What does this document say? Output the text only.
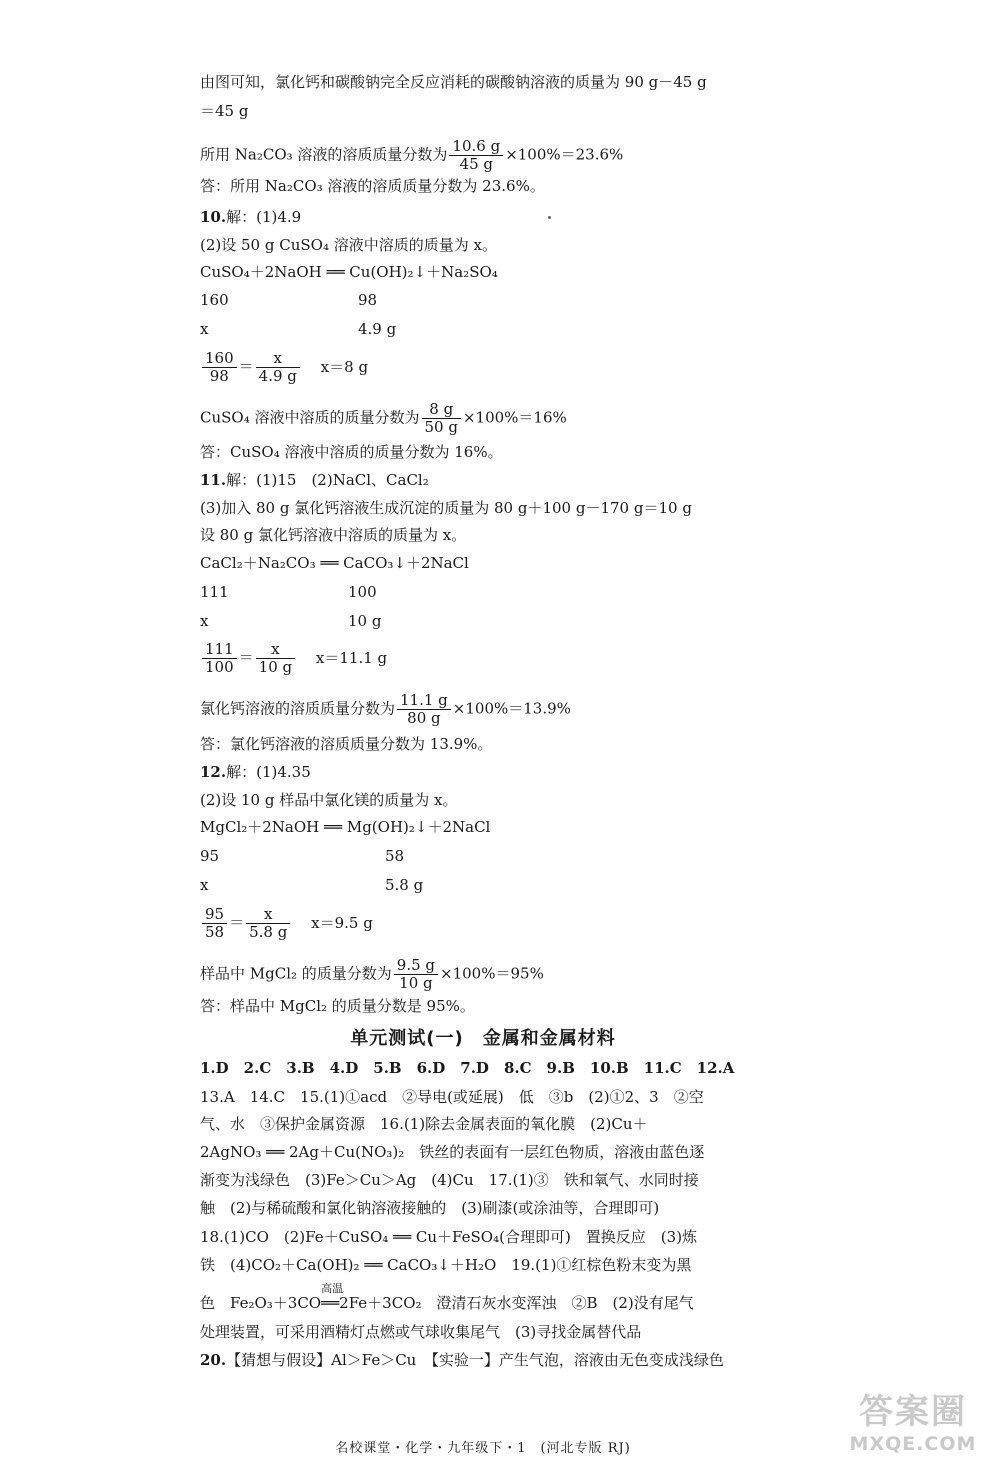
由图可知，氯化钙和碳酸钠完全反应消耗的碳酸钠溶液的质量为 90 g－45 g
＝45 g
所用 Na₂CO₃ 溶液的溶质质量分数为 $\frac{10.6 g}{45 g} \times 100\%=23.6\%$
答：所用 Na₂CO₃ 溶液的溶质质量分数为 23.6%。
10.解：(1)4.9
(2)设 50 g CuSO₄ 溶液中溶质的质量为 x。
CuSO₄＋2NaOH ══ Cu(OH)₂↓＋Na₂SO₄
160	98
x	4.9 g
$\frac{160}{98} = \frac{x}{4.9 g} x=8$ g
CuSO₄ 溶液中溶质的质量分数为 $\frac{8 g}{50 g} \times 100\%=16\%$
答：CuSO₄ 溶液中溶质的质量分数为 16%。
11.解：(1)15　(2)NaCl、CaCl₂
(3)加入 80 g 氯化钙溶液生成沉淀的质量为 80 g＋100 g－170 g＝10 g
设 80 g 氯化钙溶液中溶质的质量为 x。
CaCl₂＋Na₂CO₃ ══ CaCO₃↓＋2NaCl
111	100
x	10 g
$\frac{111}{100} = \frac{x}{10 g} x=11.1$ g
氯化钙溶液的溶质质量分数为 $\frac{11.1 g}{80 g} \times 100\%=13.9\%$
答：氯化钙溶液的溶质质量分数为 13.9%。
12.解：(1)4.35
(2)设 10 g 样品中氯化镁的质量为 x。
MgCl₂＋2NaOH ══ Mg(OH)₂↓＋2NaCl
95	58
x	5.8 g
$\frac{95}{58} = \frac{x}{5.8 g} x=9.5$ g
样品中 MgCl₂ 的质量分数为 $\frac{9.5 g}{10 g} \times 100\%=95\%$
答：样品中 MgCl₂ 的质量分数是 95%。
单元测试(一)　金属和金属材料
1.D　2.C　3.B　4.D　5.B　6.D　7.D　8.C　9.B　10.B　11.C　12.A
13.A　14.C　15.(1)①acd　②导电(或延展)　低　③b　(2)①2、3　②空
气、水　③保护金属资源　16.(1)除去金属表面的氧化膜　(2)Cu＋
2AgNO₃ ══ 2Ag＋Cu(NO₃)₂　铁丝的表面有一层红色物质，溶液由蓝色逐
渐变为浅绿色　(3)Fe＞Cu＞Ag　(4)Cu　17.(1)③　铁和氧气、水同时接
触　(2)与稀硫酸和氯化钠溶液接触的　(3)刷漆(或涂油等，合理即可)
18.(1)CO　(2)Fe＋CuSO₄ ══ Cu＋FeSO₄(合理即可)　置换反应　(3)炼
铁　(4)CO₂＋Ca(OH)₂ ══ CaCO₃↓＋H₂O　19.(1)①红棕色粉末变为黑
色　Fe₂O₃＋3CO
高温
══2Fe＋3CO₂　澄清石灰水变浑浊　②B　(2)没有尾气
处理装置，可采用酒精灯点燃或气球收集尾气　(3)寻找金属替代品
20.【猜想与假设】Al＞Fe＞Cu　【实验一】产生气泡，溶液由无色变成浅绿色
名校课堂・化学・九年级下・1　(河北专版 RJ)
答案圈
MXQE.COM
